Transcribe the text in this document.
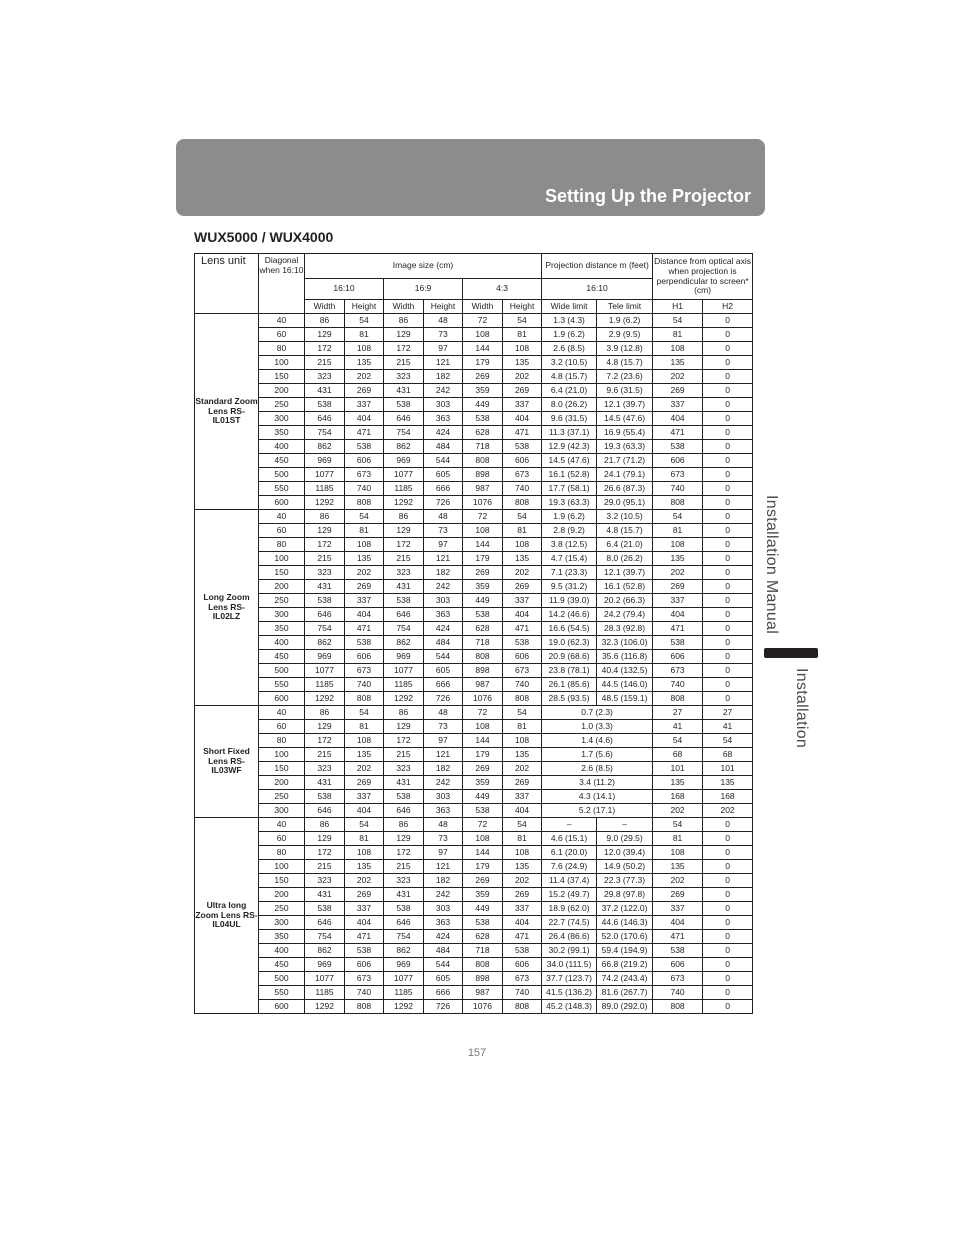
Setting Up the Projector
WUX5000 / WUX4000
Installation Manual
Installation
Lens unit	Diagonal when 16:10	Image size (cm)						Projection distance m (feet)		Distance from optical axis when projection is perpendicular to screen* (cm)	
		16:10		16:9		4:3		16:10			
		Width	Height	Width	Height	Width	Height	Wide limit	Tele limit	H1	H2
Standard Zoom Lens RS-IL01ST	40	86	54	86	48	72	54	1.3 (4.3)	1.9 (6.2)	54	0
	60	129	81	129	73	108	81	1.9 (6.2)	2.9 (9.5)	81	0
	80	172	108	172	97	144	108	2.6 (8.5)	3.9 (12.8)	108	0
	100	215	135	215	121	179	135	3.2 (10.5)	4.8 (15.7)	135	0
	150	323	202	323	182	269	202	4.8 (15.7)	7.2 (23.6)	202	0
	200	431	269	431	242	359	269	6.4 (21.0)	9.6 (31.5)	269	0
	250	538	337	538	303	449	337	8.0 (26.2)	12.1 (39.7)	337	0
	300	646	404	646	363	538	404	9.6 (31.5)	14.5 (47.6)	404	0
	350	754	471	754	424	628	471	11.3 (37.1)	16.9 (55.4)	471	0
	400	862	538	862	484	718	538	12.9 (42.3)	19.3 (63.3)	538	0
	450	969	606	969	544	808	606	14.5 (47.6)	21.7 (71.2)	606	0
	500	1077	673	1077	605	898	673	16.1 (52.8)	24.1 (79.1)	673	0
	550	1185	740	1185	666	987	740	17.7 (58.1)	26.6 (87.3)	740	0
	600	1292	808	1292	726	1076	808	19.3 (63.3)	29.0 (95.1)	808	0
Long Zoom Lens RS-IL02LZ	40	86	54	86	48	72	54	1.9 (6.2)	3.2 (10.5)	54	0
	60	129	81	129	73	108	81	2.8 (9.2)	4.8 (15.7)	81	0
	80	172	108	172	97	144	108	3.8 (12.5)	6.4 (21.0)	108	0
	100	215	135	215	121	179	135	4.7 (15.4)	8.0 (26.2)	135	0
	150	323	202	323	182	269	202	7.1 (23.3)	12.1 (39.7)	202	0
	200	431	269	431	242	359	269	9.5 (31.2)	16.1 (52.8)	269	0
	250	538	337	538	303	449	337	11.9 (39.0)	20.2 (66.3)	337	0
	300	646	404	646	363	538	404	14.2 (46.6)	24.2 (79.4)	404	0
	350	754	471	754	424	628	471	16.6 (54.5)	28.3 (92.8)	471	0
	400	862	538	862	484	718	538	19.0 (62.3)	32.3 (106.0)	538	0
	450	969	606	969	544	808	606	20.9 (68.6)	35.6 (116.8)	606	0
	500	1077	673	1077	605	898	673	23.8 (78.1)	40.4 (132.5)	673	0
	550	1185	740	1185	666	987	740	26.1 (85.6)	44.5 (146.0)	740	0
	600	1292	808	1292	726	1076	808	28.5 (93.5)	48.5 (159.1)	808	0
Short Fixed Lens RS-IL03WF	40	86	54	86	48	72	54	0.7 (2.3)		27	27
	60	129	81	129	73	108	81	1.0 (3.3)		41	41
	80	172	108	172	97	144	108	1.4 (4.6)		54	54
	100	215	135	215	121	179	135	1.7 (5.6)		68	68
	150	323	202	323	182	269	202	2.6 (8.5)		101	101
	200	431	269	431	242	359	269	3.4 (11.2)		135	135
	250	538	337	538	303	449	337	4.3 (14.1)		168	168
	300	646	404	646	363	538	404	5.2 (17.1)		202	202
Ultra long Zoom Lens RS-IL04UL	40	86	54	86	48	72	54	–	–	54	0
	60	129	81	129	73	108	81	4.6 (15.1)	9.0 (29.5)	81	0
	80	172	108	172	97	144	108	6.1 (20.0)	12.0 (39.4)	108	0
	100	215	135	215	121	179	135	7.6 (24.9)	14.9 (50.2)	135	0
	150	323	202	323	182	269	202	11.4 (37.4)	22.3 (77.3)	202	0
	200	431	269	431	242	359	269	15.2 (49.7)	29.8 (97.8)	269	0
	250	538	337	538	303	449	337	18.9 (62.0)	37.2 (122.0)	337	0
	300	646	404	646	363	538	404	22.7 (74.5)	44.6 (146.3)	404	0
	350	754	471	754	424	628	471	26.4 (86.6)	52.0 (170.6)	471	0
	400	862	538	862	484	718	538	30.2 (99.1)	59.4 (194.9)	538	0
	450	969	606	969	544	808	606	34.0 (111.5)	66.8 (219.2)	606	0
	500	1077	673	1077	605	898	673	37.7 (123.7)	74.2 (243.4)	673	0
	550	1185	740	1185	666	987	740	41.5 (136.2)	81.6 (267.7)	740	0
	600	1292	808	1292	726	1076	808	45.2 (148.3)	89.0 (292.0)	808	0
157
